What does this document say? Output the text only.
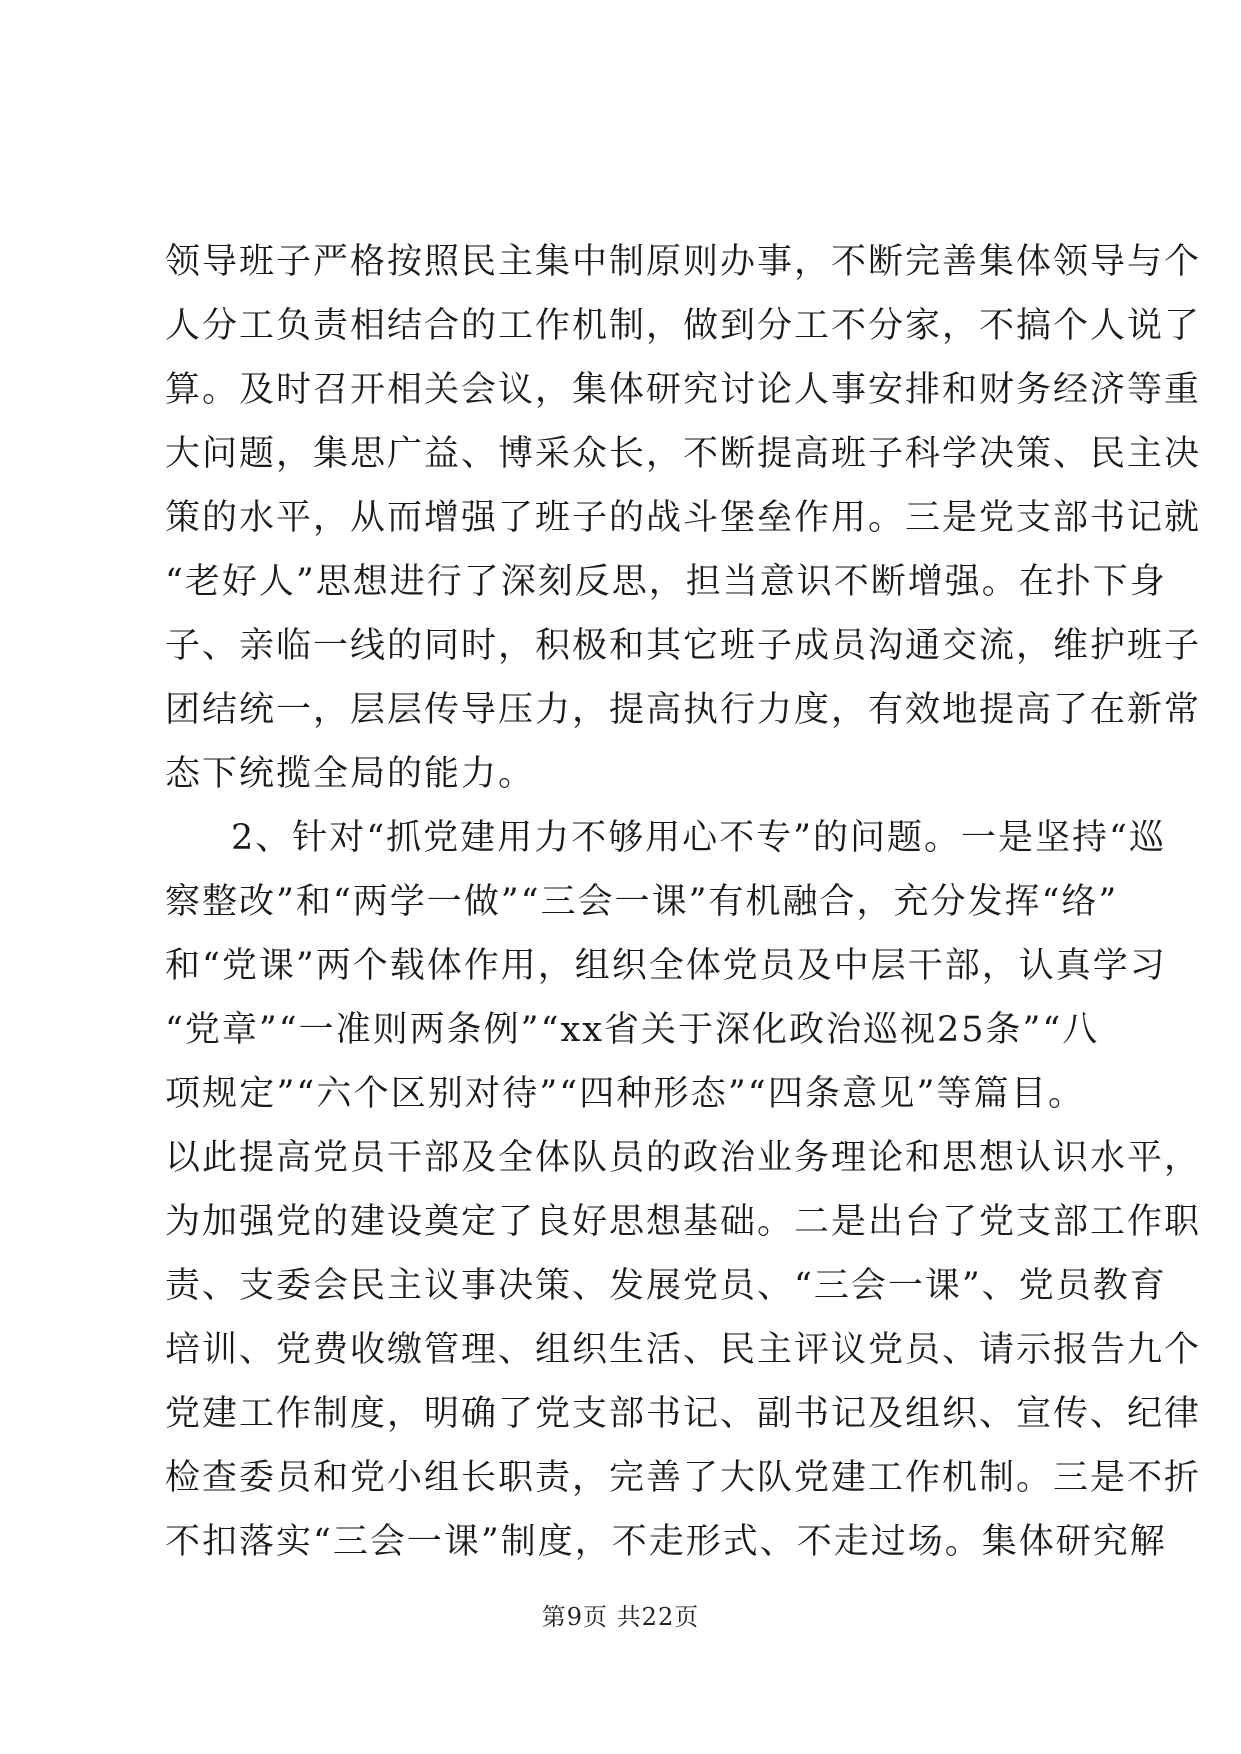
领导班子严格按照民主集中制原则办事，不断完善集体领导与个
人分工负责相结合的工作机制，做到分工不分家，不搞个人说了
算。及时召开相关会议，集体研究讨论人事安排和财务经济等重
大问题，集思广益、博采众长，不断提高班子科学决策、民主决
策的水平，从而增强了班子的战斗堡垒作用。三是党支部书记就
“老好人”思想进行了深刻反思，担当意识不断增强。在扑下身
子、亲临一线的同时，积极和其它班子成员沟通交流，维护班子
团结统一，层层传导压力，提高执行力度，有效地提高了在新常
态下统揽全局的能力。
2、针对“抓党建用力不够用心不专”的问题。一是坚持“巡
察整改”和“两学一做”“三会一课”有机融合，充分发挥“络”
和“党课”两个载体作用，组织全体党员及中层干部，认真学习
“党章”“一准则两条例”“xx省关于深化政治巡视25条”“八
项规定”“六个区别对待”“四种形态”“四条意见”等篇目。
以此提高党员干部及全体队员的政治业务理论和思想认识水平，
为加强党的建设奠定了良好思想基础。二是出台了党支部工作职
责、支委会民主议事决策、发展党员、“三会一课”、党员教育
培训、党费收缴管理、组织生活、民主评议党员、请示报告九个
党建工作制度，明确了党支部书记、副书记及组织、宣传、纪律
检查委员和党小组长职责，完善了大队党建工作机制。三是不折
不扣落实“三会一课”制度，不走形式、不走过场。集体研究解
第9页 共22页
